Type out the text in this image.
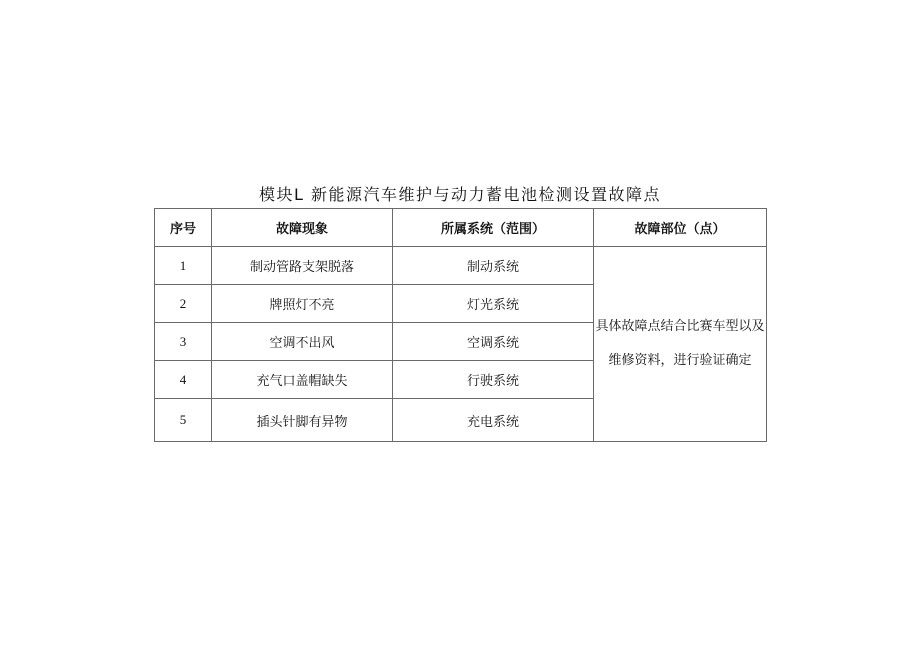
模块L 新能源汽车维护与动力蓄电池检测设置故障点
序号	故障现象	所属系统（范围）	故障部位（点）
1	制动管路支架脱落	制动系统	具体故障点结合比赛车型以及
维修资料，进行验证确定

2	牌照灯不亮	灯光系统	
3	空调不出风	空调系统	
4	充气口盖帽缺失	行驶系统	
5	插头针脚有异物	充电系统	
